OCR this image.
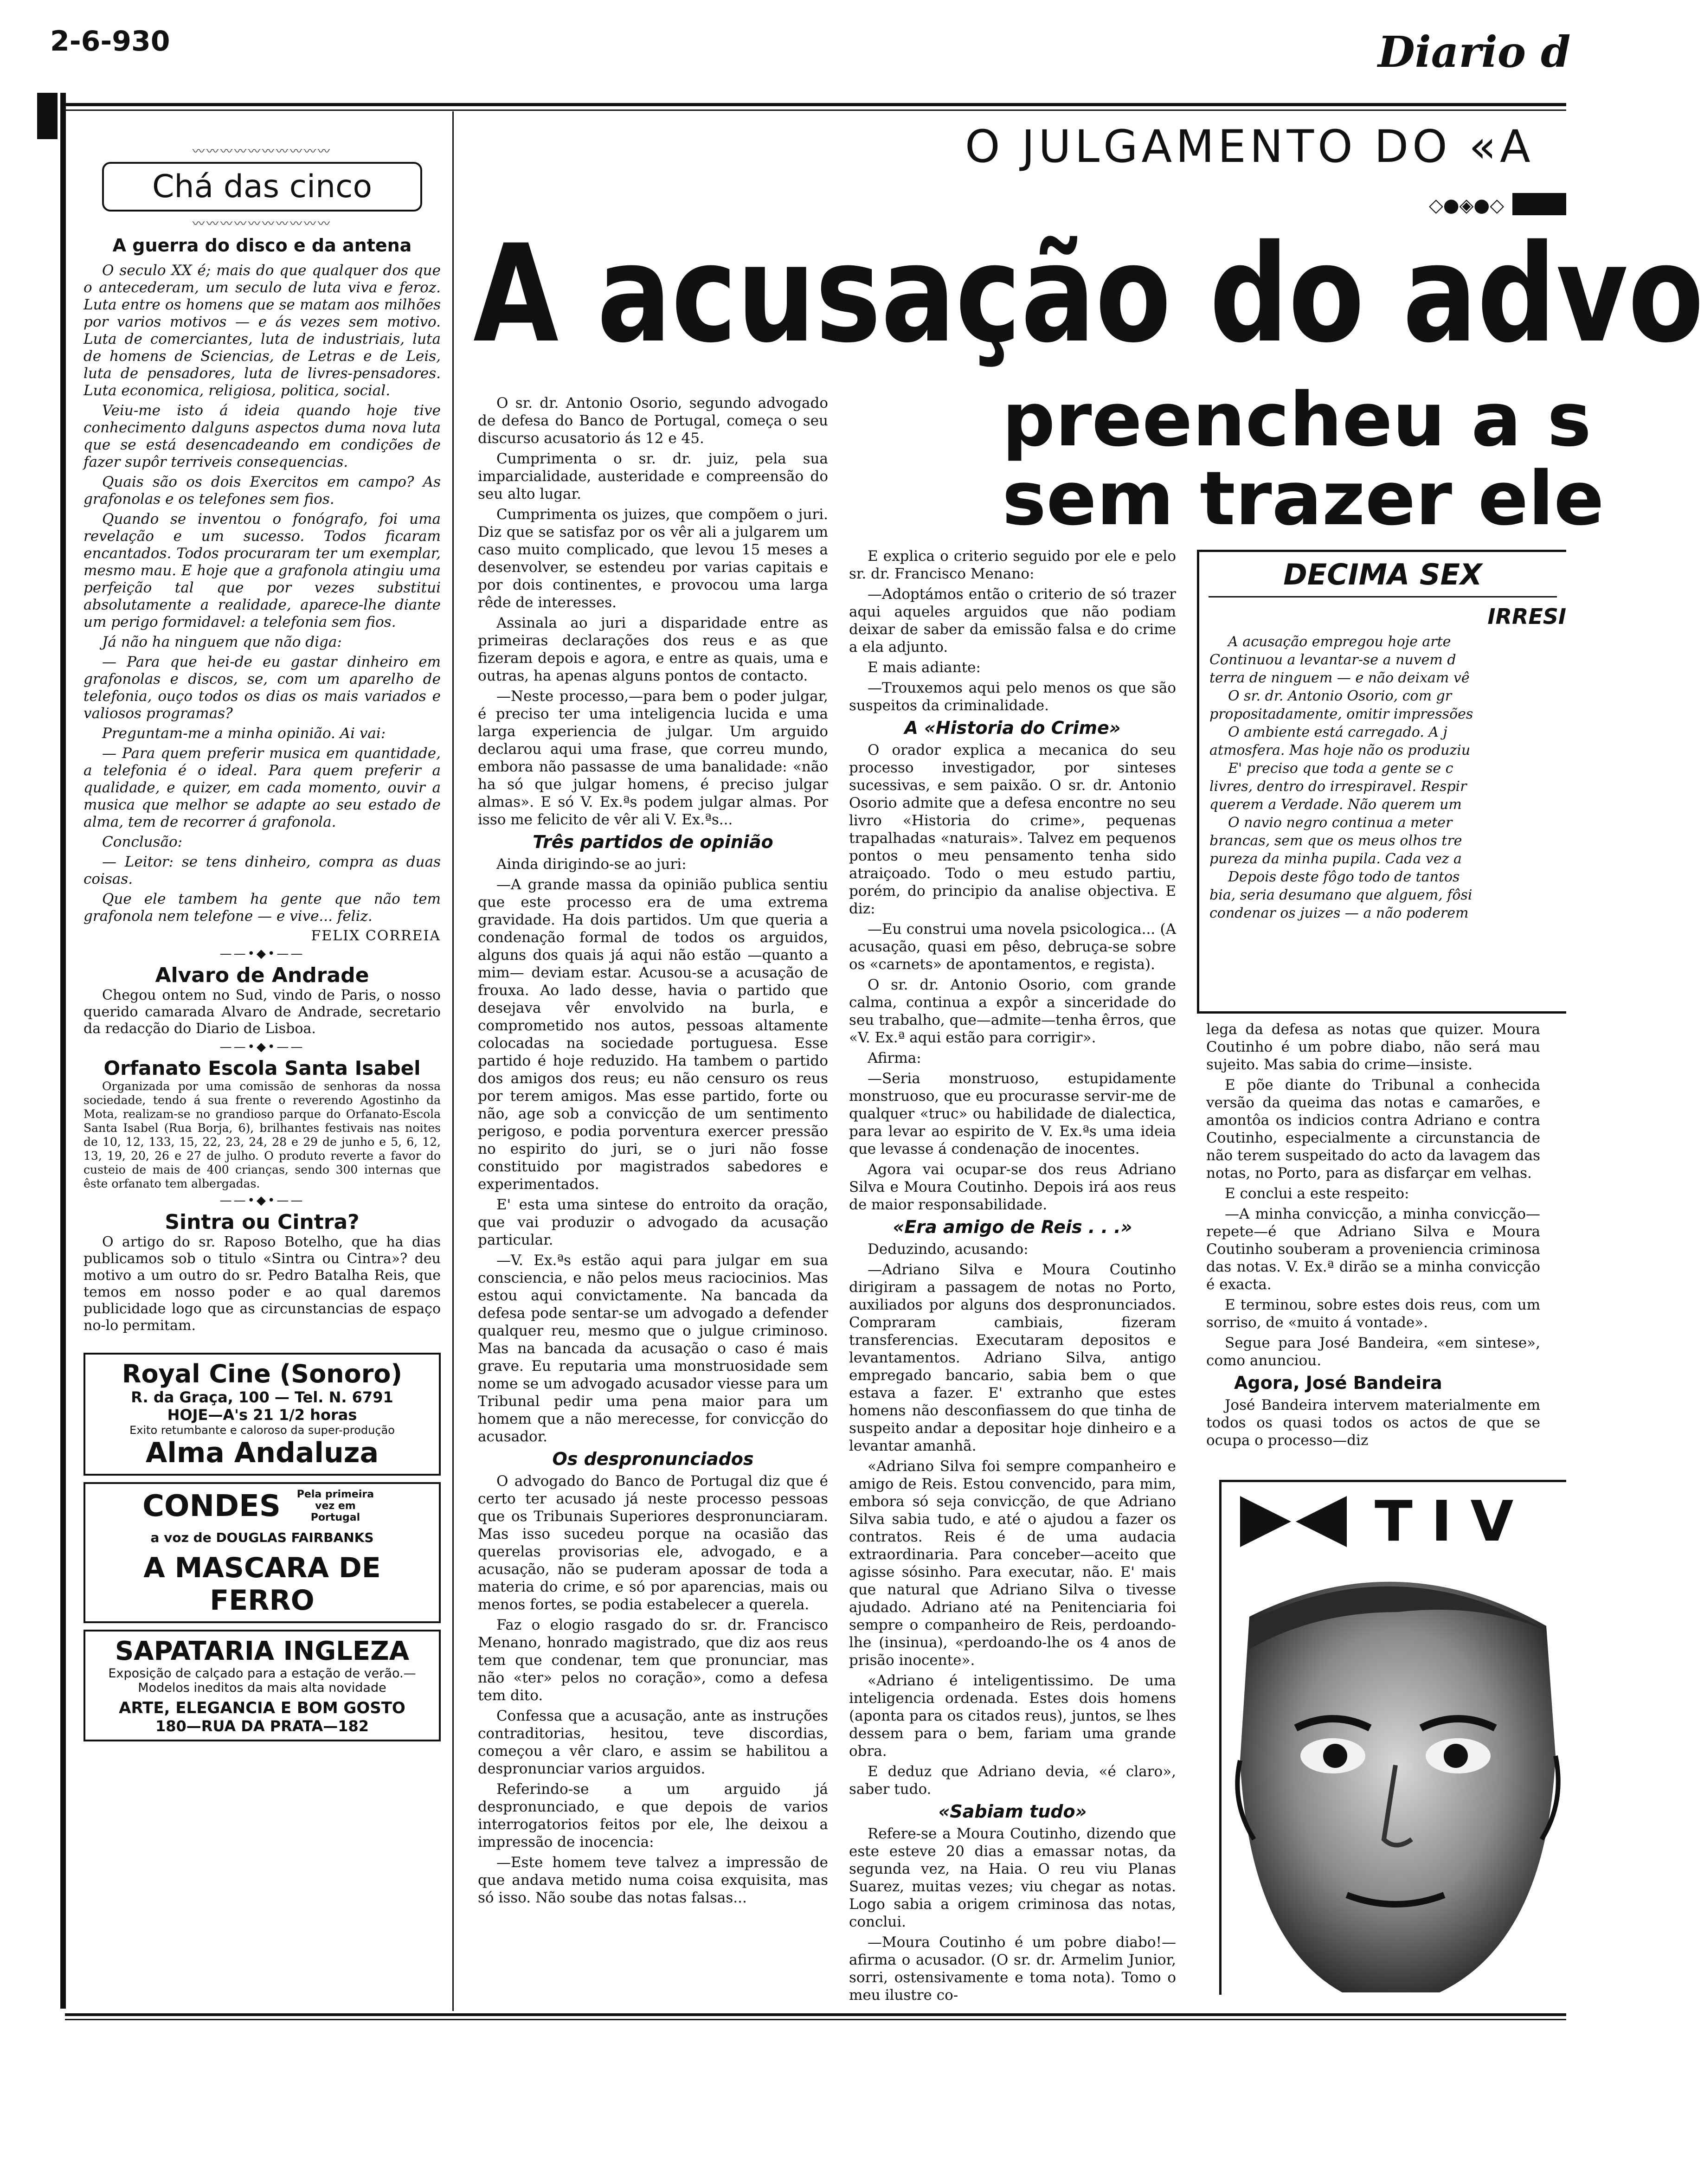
2-6-930	Diario d
〰〰〰〰〰〰〰〰〰〰
Chá das cinco
〰〰〰〰〰〰〰〰〰〰
A guerra do disco e da antena

O seculo XX é; mais do que qualquer dos que o antecederam, um seculo de luta viva e feroz. Luta entre os homens que se matam aos milhões por varios motivos — e ás vezes sem motivo. Luta de comerciantes, luta de industriais, luta de homens de Sciencias, de Letras e de Leis, luta de pensadores, luta de livres-pensadores. Luta economica, religiosa, politica, social.

Veiu-me isto á ideia quando hoje tive conhecimento dalguns aspectos duma nova luta que se está desencadeando em condições de fazer supôr terriveis consequencias.

Quais são os dois Exercitos em campo? As grafonolas e os telefones sem fios.

Quando se inventou o fonógrafo, foi uma revelação e um sucesso. Todos ficaram encantados. Todos procuraram ter um exemplar, mesmo mau. E hoje que a grafonola atingiu uma perfeição tal que por vezes substitui absolutamente a realidade, aparece-lhe diante um perigo formidavel: a telefonia sem fios.

Já não ha ninguem que não diga:

— Para que hei-de eu gastar dinheiro em grafonolas e discos, se, com um aparelho de telefonia, ouço todos os dias os mais variados e valiosos programas?

Preguntam-me a minha opinião. Ai vai:

— Para quem preferir musica em quantidade, a telefonia é o ideal. Para quem preferir a qualidade, e quizer, em cada momento, ouvir a musica que melhor se adapte ao seu estado de alma, tem de recorrer á grafonola.

Conclusão:

— Leitor: se tens dinheiro, compra as duas coisas.

Que ele tambem ha gente que não tem grafonola nem telefone — e vive... feliz.

FELIX CORREIA
——•◆•——
Alvaro de Andrade
Chegou ontem no Sud, vindo de Paris, o nosso querido camarada Alvaro de Andrade, secretario da redacção do Diario de Lisboa.
——•◆•——
Orfanato Escola Santa Isabel
Organizada por uma comissão de senhoras da nossa sociedade, tendo á sua frente o reverendo Agostinho da Mota, realizam-se no grandioso parque do Orfanato-Escola Santa Isabel (Rua Borja, 6), brilhantes festivais nas noites de 10, 12, 133, 15, 22, 23, 24, 28 e 29 de junho e 5, 6, 12, 13, 19, 20, 26 e 27 de julho. O produto reverte a favor do custeio de mais de 400 crianças, sendo 300 internas que êste orfanato tem albergadas.
——•◆•——
Sintra ou Cintra?
O artigo do sr. Raposo Botelho, que ha dias publicamos sob o titulo «Sintra ou Cintra»? deu motivo a um outro do sr. Pedro Batalha Reis, que temos em nosso poder e ao qual daremos publicidade logo que as circunstancias de espaço no-lo permitam.
Royal Cine (Sonoro)
R. da Graça, 100 — Tel. N. 6791
HOJE—A's 21 1/2 horas
Exito retumbante e caloroso da super-produção
Alma Andaluza
CONDES	Pela primeira vez em Portugal
a voz de DOUGLAS FAIRBANKS
A MASCARA DE FERRO
SAPATARIA INGLEZA
Exposição de calçado para a estação de verão.—Modelos ineditos da mais alta novidade
ARTE, ELEGANCIA E BOM GOSTO
180—RUA DA PRATA—182
O JULGAMENTO DO «A
◇●◈●◇
A acusação do advo
preencheu a s
sem trazer ele

O sr. dr. Antonio Osorio, segundo advogado de defesa do Banco de Portugal, começa o seu discurso acusatorio ás 12 e 45.

Cumprimenta o sr. dr. juiz, pela sua imparcialidade, austeridade e compreensão do seu alto lugar.

Cumprimenta os juizes, que compõem o juri. Diz que se satisfaz por os vêr ali a julgarem um caso muito complicado, que levou 15 meses a desenvolver, se estendeu por varias capitais e por dois continentes, e provocou uma larga rêde de interesses.

Assinala ao juri a disparidade entre as primeiras declarações dos reus e as que fizeram depois e agora, e entre as quais, uma e outras, ha apenas alguns pontos de contacto.

—Neste processo,—para bem o poder julgar, é preciso ter uma inteligencia lucida e uma larga experiencia de julgar. Um arguido declarou aqui uma frase, que correu mundo, embora não passasse de uma banalidade: «não ha só que julgar homens, é preciso julgar almas». E só V. Ex.ªs podem julgar almas. Por isso me felicito de vêr ali V. Ex.ªs...

Três partidos de opinião

Ainda dirigindo-se ao juri:

—A grande massa da opinião publica sentiu que este processo era de uma extrema gravidade. Ha dois partidos. Um que queria a condenação formal de todos os arguidos, alguns dos quais já aqui não estão —quanto a mim— deviam estar. Acusou-se a acusação de frouxa. Ao lado desse, havia o partido que desejava vêr envolvido na burla, e comprometido nos autos, pessoas altamente colocadas na sociedade portuguesa. Esse partido é hoje reduzido. Ha tambem o partido dos amigos dos reus; eu não censuro os reus por terem amigos. Mas esse partido, forte ou não, age sob a convicção de um sentimento perigoso, e podia porventura exercer pressão no espirito do juri, se o juri não fosse constituido por magistrados sabedores e experimentados.

E' esta uma sintese do entroito da oração, que vai produzir o advogado da acusação particular.

—V. Ex.ªs estão aqui para julgar em sua consciencia, e não pelos meus raciocinios. Mas estou aqui convictamente. Na bancada da defesa pode sentar-se um advogado a defender qualquer reu, mesmo que o julgue criminoso. Mas na bancada da acusação o caso é mais grave. Eu reputaria uma monstruosidade sem nome se um advogado acusador viesse para um Tribunal pedir uma pena maior para um homem que a não merecesse, for convicção do acusador.

Os despronunciados

O advogado do Banco de Portugal diz que é certo ter acusado já neste processo pessoas que os Tribunais Superiores despronunciaram. Mas isso sucedeu porque na ocasião das querelas provisorias ele, advogado, e a acusação, não se puderam apossar de toda a materia do crime, e só por aparencias, mais ou menos fortes, se podia estabelecer a querela.

Faz o elogio rasgado do sr. dr. Francisco Menano, honrado magistrado, que diz aos reus tem que condenar, tem que pronunciar, mas não «ter» pelos no coração», como a defesa tem dito.

Confessa que a acusação, ante as instruções contraditorias, hesitou, teve discordias, começou a vêr claro, e assim se habilitou a despronunciar varios arguidos.

Referindo-se a um arguido já despronunciado, e que depois de varios interrogatorios feitos por ele, lhe deixou a impressão de inocencia:

—Este homem teve talvez a impressão de que andava metido numa coisa exquisita, mas só isso. Não soube das notas falsas...

E explica o criterio seguido por ele e pelo sr. dr. Francisco Menano:

—Adoptámos então o criterio de só trazer aqui aqueles arguidos que não podiam deixar de saber da emissão falsa e do crime a ela adjunto.

E mais adiante:

—Trouxemos aqui pelo menos os que são suspeitos da criminalidade.

A «Historia do Crime»

O orador explica a mecanica do seu processo investigador, por sinteses sucessivas, e sem paixão. O sr. dr. Antonio Osorio admite que a defesa encontre no seu livro «Historia do crime», pequenas trapalhadas «naturais». Talvez em pequenos pontos o meu pensamento tenha sido atraiçoado. Todo o meu estudo partiu, porém, do principio da analise objectiva. E diz:

—Eu construi uma novela psicologica... (A acusação, quasi em pêso, debruça-se sobre os «carnets» de apontamentos, e regista).

O sr. dr. Antonio Osorio, com grande calma, continua a expôr a sinceridade do seu trabalho, que—admite—tenha êrros, que «V. Ex.ª aqui estão para corrigir».

Afirma:

—Seria monstruoso, estupidamente monstruoso, que eu procurasse servir-me de qualquer «truc» ou habilidade de dialectica, para levar ao espirito de V. Ex.ªs uma ideia que levasse á condenação de inocentes.

Agora vai ocupar-se dos reus Adriano Silva e Moura Coutinho. Depois irá aos reus de maior responsabilidade.

«Era amigo de Reis . . .»

Deduzindo, acusando:

—Adriano Silva e Moura Coutinho dirigiram a passagem de notas no Porto, auxiliados por alguns dos despronunciados. Compraram cambiais, fizeram transferencias. Executaram depositos e levantamentos. Adriano Silva, antigo empregado bancario, sabia bem o que estava a fazer. E' extranho que estes homens não desconfiassem do que tinha de suspeito andar a depositar hoje dinheiro e a levantar amanhã.

«Adriano Silva foi sempre companheiro e amigo de Reis. Estou convencido, para mim, embora só seja convicção, de que Adriano Silva sabia tudo, e até o ajudou a fazer os contratos. Reis é de uma audacia extraordinaria. Para conceber—aceito que agisse sósinho. Para executar, não. E' mais que natural que Adriano Silva o tivesse ajudado. Adriano até na Penitenciaria foi sempre o companheiro de Reis, perdoando-lhe (insinua), «perdoando-lhe os 4 anos de prisão inocente».

«Adriano é inteligentissimo. De uma inteligencia ordenada. Estes dois homens (aponta para os citados reus), juntos, se lhes dessem para o bem, fariam uma grande obra.

E deduz que Adriano devia, «é claro», saber tudo.

«Sabiam tudo»

Refere-se a Moura Coutinho, dizendo que este esteve 20 dias a emassar notas, da segunda vez, na Haia. O reu viu Planas Suarez, muitas vezes; viu chegar as notas. Logo sabia a origem criminosa das notas, conclui.

—Moura Coutinho é um pobre diabo!—afirma o acusador. (O sr. dr. Armelim Junior, sorri, ostensivamente e toma nota). Tomo o meu ilustre co-

DECIMA SEX
IRRESI
A acusação empregou hoje arte
Continuou a levantar-se a nuvem d
terra de ninguem — e não deixam vê
O sr. dr. Antonio Osorio, com gr
propositadamente, omitir impressões
O ambiente está carregado. A j
atmosfera. Mas hoje não os produziu
E' preciso que toda a gente se c
livres, dentro do irrespiravel. Respir
querem a Verdade. Não querem um
O navio negro continua a meter
brancas, sem que os meus olhos tre
pureza da minha pupila. Cada vez a
Depois deste fôgo todo de tantos
bia, seria desumano que alguem, fôsi
condenar os juizes — a não poderem

lega da defesa as notas que quizer. Moura Coutinho é um pobre diabo, não será mau sujeito. Mas sabia do crime—insiste.

E põe diante do Tribunal a conhecida versão da queima das notas e camarões, e amontôa os indicios contra Adriano e contra Coutinho, especialmente a circunstancia de não terem suspeitado do acto da lavagem das notas, no Porto, para as disfarçar em velhas.

E conclui a este respeito:

—A minha convicção, a minha convicção—repete—é que Adriano Silva e Moura Coutinho souberam a proveniencia criminosa das notas. V. Ex.ª dirão se a minha convicção é exacta.

E terminou, sobre estes dois reus, com um sorriso, de «muito á vontade».

Segue para José Bandeira, «em sintese», como anunciou.

Agora, José Bandeira

José Bandeira intervem materialmente em todos os quasi todos os actos de que se ocupa o processo—diz

TIV
